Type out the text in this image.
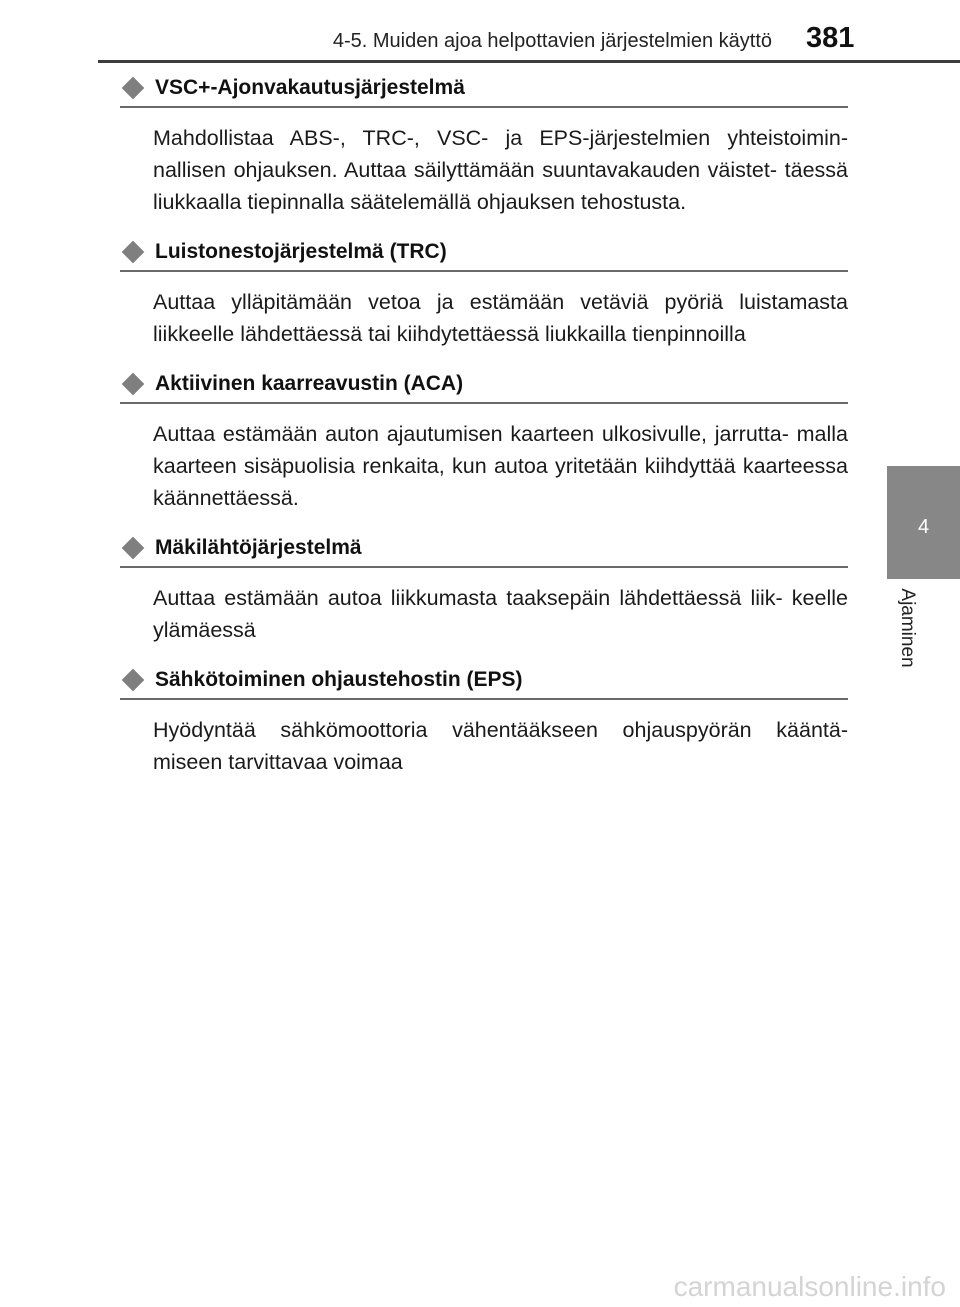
4-5. Muiden ajoa helpottavien järjestelmien käyttö 381
4
Ajaminen
VSC+-Ajonvakautusjärjestelmä
Mahdollistaa ABS-, TRC-, VSC- ja EPS-järjestelmien yhteistoimin- nallisen ohjauksen. Auttaa säilyttämään suuntavakauden väistet- täessä liukkaalla tiepinnalla säätelemällä ohjauksen tehostusta.
Luistonestojärjestelmä (TRC)
Auttaa ylläpitämään vetoa ja estämään vetäviä pyöriä luistamasta liikkeelle lähdettäessä tai kiihdytettäessä liukkailla tienpinnoilla
Aktiivinen kaarreavustin (ACA)
Auttaa estämään auton ajautumisen kaarteen ulkosivulle, jarrutta- malla kaarteen sisäpuolisia renkaita, kun autoa yritetään kiihdyttää kaarteessa käännettäessä.
Mäkilähtöjärjestelmä
Auttaa estämään autoa liikkumasta taaksepäin lähdettäessä liik- keelle ylämäessä
Sähkötoiminen ohjaustehostin (EPS)
Hyödyntää sähkömoottoria vähentääkseen ohjauspyörän kääntä- miseen tarvittavaa voimaa
carmanualsonline.info
